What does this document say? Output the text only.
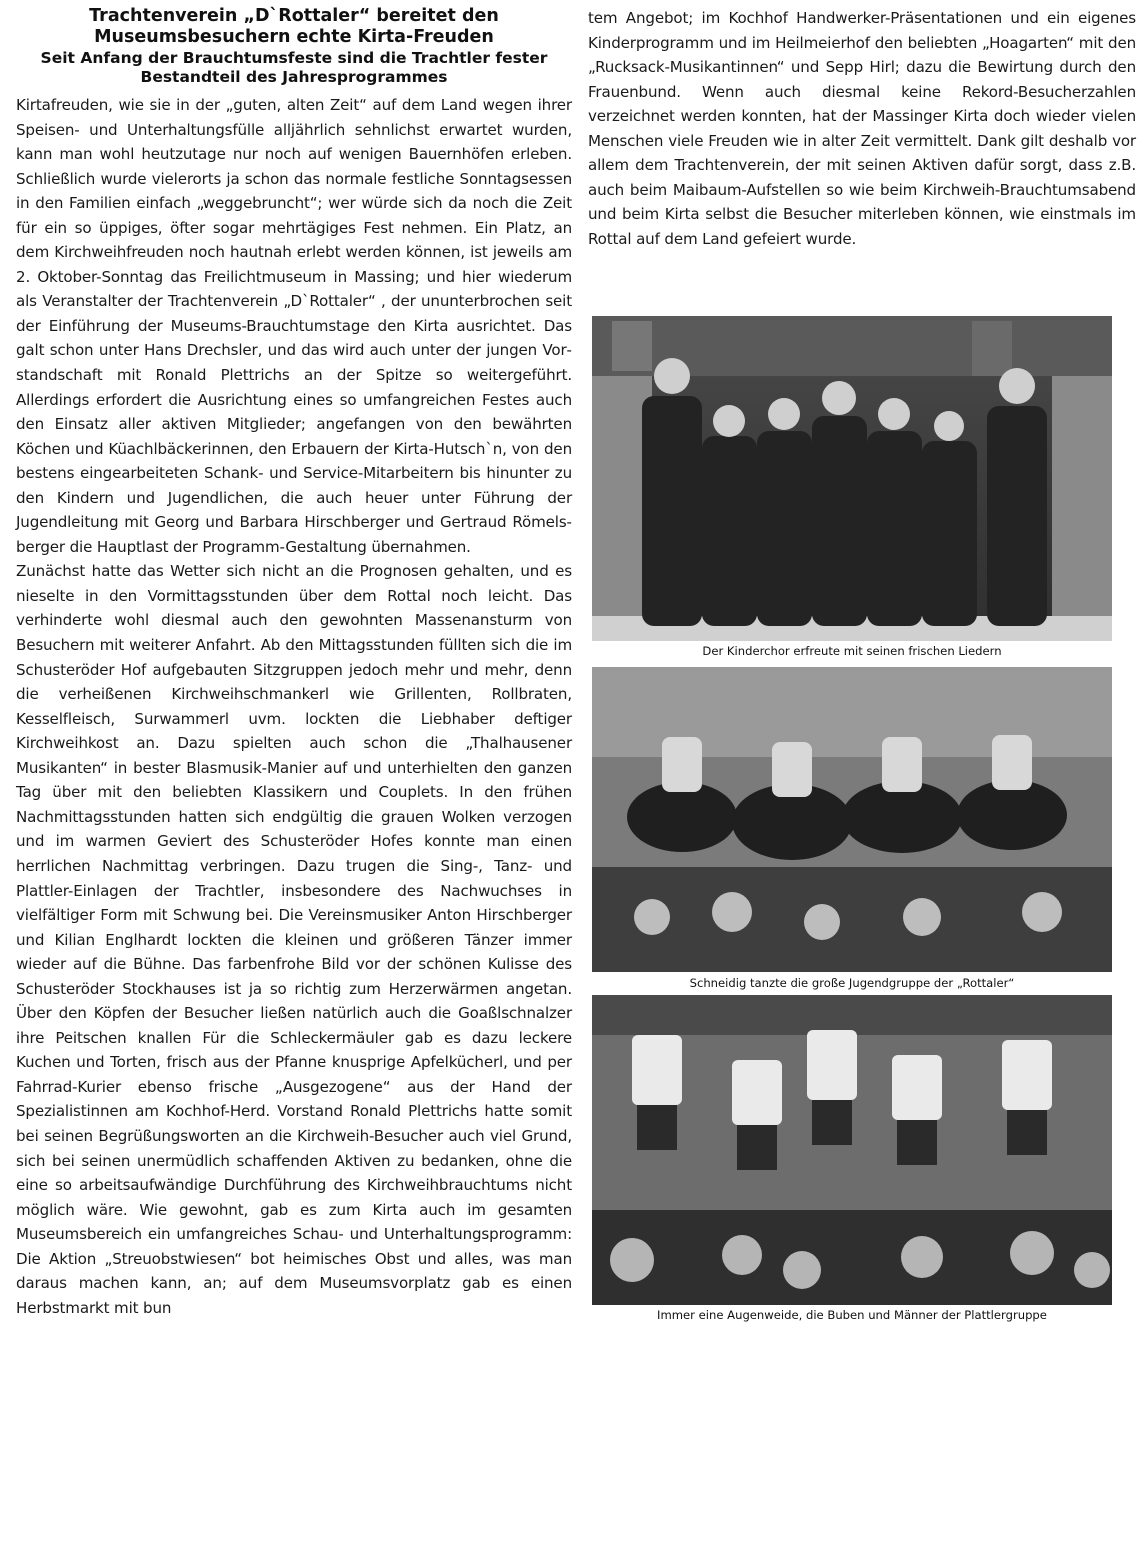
Trachtenverein „D`Rottaler“ bereitet den Museumsbesuchern echte Kirta-Freuden
Seit Anfang der Brauchtumsfeste sind die Trachtler fester Bestandteil des Jahresprogrammes

Kirtafreuden, wie sie in der „guten, alten Zeit“ auf dem Land wegen ihrer Speisen- und Unterhaltungsfülle alljährlich sehnlichst erwartet wurden, kann man wohl heutzutage nur noch auf wenigen Bauernhöfen erleben. Schließlich wurde vielerorts ja schon das normale festliche Sonntagsessen in den Familien einfach „weggebruncht“; wer würde sich da noch die Zeit für ein so üppiges, öfter sogar mehrtägiges Fest nehmen. Ein Platz, an dem Kirchweihfreuden noch hautnah erlebt werden können, ist jeweils am 2. Oktober-Sonntag das Freilichtmuseum in Massing; und hier wiederum als Veranstalter der Trachtenverein „D`Rottaler“ , der ununterbrochen seit der Einführung der Museums-Brauchtumstage den Kirta ausrichtet. Das galt schon unter Hans Drechsler, und das wird auch unter der jungen Vorstandschaft mit Ronald Plettrichs an der Spitze so weitergeführt. Allerdings erfordert die Ausrichtung eines so umfangreichen Festes auch den Einsatz aller aktiven Mitglieder; angefangen von den bewährten Köchen und Küachlbäckerinnen, den Erbauern der Kirta-Hutsch`n, von den bestens eingearbeiteten Schank- und Service-Mitarbeitern bis hinunter zu den Kindern und Jugendlichen, die auch heuer unter Führung der Jugendleitung mit Georg und Barbara Hirschberger und Gertraud Römelsberger die Hauptlast der Programm-Gestaltung übernahmen.

Zunächst hatte das Wetter sich nicht an die Prognosen gehalten, und es nieselte in den Vormittagsstunden über dem Rottal noch leicht. Das verhinderte wohl diesmal auch den gewohnten Massenansturm von Besuchern mit weiterer Anfahrt. Ab den Mittagsstunden füllten sich die im Schusteröder Hof aufgebauten Sitzgruppen jedoch mehr und mehr, denn die verheißenen Kirchweihschmankerl wie Grillenten, Rollbraten, Kesselfleisch, Surwammerl uvm. lockten die Liebhaber deftiger Kirchweihkost an. Dazu spielten auch schon die „Thalhausener Musikanten“ in bester Blasmusik-Manier auf und unterhielten den ganzen Tag über mit den beliebten Klassikern und Couplets. In den frühen Nachmittagsstunden hatten sich endgültig die grauen Wolken verzogen und im warmen Geviert des Schusteröder Hofes konnte man einen herrlichen Nachmittag verbringen. Dazu trugen die Sing-, Tanz- und Plattler-Einlagen der Trachtler, insbesondere des Nachwuchses in vielfältiger Form mit Schwung bei. Die Vereinsmusiker Anton Hirschberger und Kilian Englhardt lockten die kleinen und größeren Tänzer immer wieder auf die Bühne. Das farbenfrohe Bild vor der schönen Kulisse des Schusteröder Stockhauses ist ja so richtig zum Herzerwärmen angetan. Über den Köpfen der Besucher ließen natürlich auch die Goaßlschnalzer ihre Peitschen knallen Für die Schleckermäuler gab es dazu leckere Kuchen und Torten, frisch aus der Pfanne knusprige Apfelkücherl, und per Fahrrad-Kurier ebenso frische „Ausgezogene“ aus der Hand der Spezialistinnen am Kochhof-Herd. Vorstand Ronald Plettrichs hatte somit bei seinen Begrüßungsworten an die Kirchweih-Besucher auch viel Grund, sich bei seinen unermüdlich schaffenden Aktiven zu bedanken, ohne die eine so arbeitsaufwändige Durchführung des Kirchweihbrauchtums nicht möglich wäre. Wie gewohnt, gab es zum Kirta auch im gesamten Museumsbereich ein umfangreiches Schau- und Unterhaltungsprogramm: Die Aktion „Streuobstwiesen“ bot heimisches Obst und alles, was man daraus machen kann, an; auf dem Museumsvorplatz gab es einen Herbstmarkt mit bun

tem Angebot; im Kochhof Handwerker-Präsentationen und ein eigenes Kinderprogramm und im Heilmeierhof den beliebten „Hoagarten“ mit den „Rucksack-Musikantinnen“ und Sepp Hirl; dazu die Bewirtung durch den Frauenbund. Wenn auch diesmal keine Rekord-Besucherzahlen verzeichnet werden konnten, hat der Massinger Kirta doch wieder vielen Menschen viele Freuden wie in alter Zeit vermittelt. Dank gilt deshalb vor allem dem Trachtenverein, der mit seinen Aktiven dafür sorgt, dass z.B. auch beim Maibaum-Aufstellen so wie beim Kirchweih-Brauchtumsabend und beim Kirta selbst die Besucher miterleben können, wie einstmals im Rottal auf dem Land gefeiert wurde.

Der Kinderchor erfreute mit seinen frischen Liedern
Schneidig tanzte die große Jugendgruppe der „Rottaler“
Immer eine Augenweide, die Buben und Männer der Plattlergruppe
